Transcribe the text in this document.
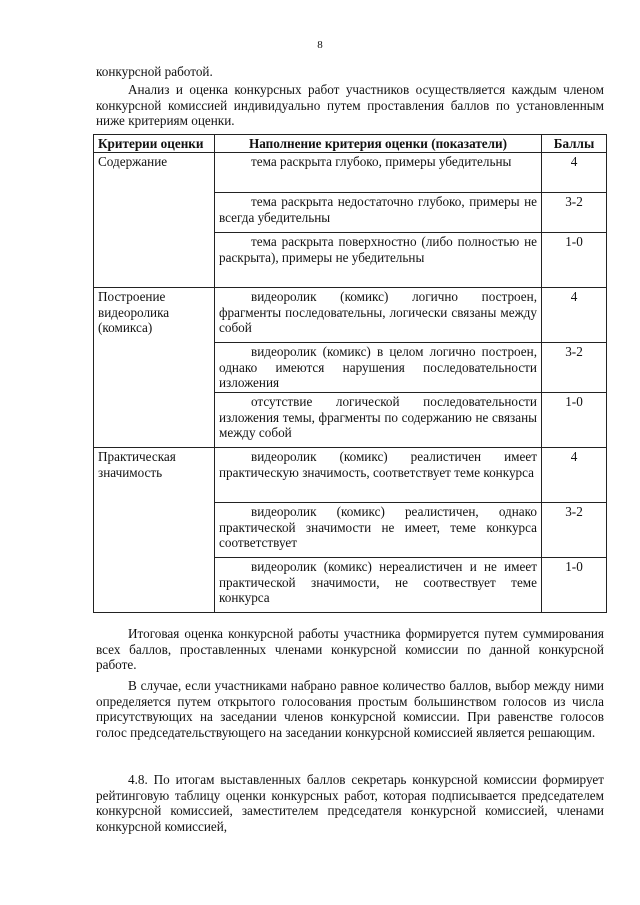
8

конкурсной работой.

Анализ и оценка конкурсных работ участников осуществляется каждым членом конкурсной комиссией индивидуально путем проставления баллов по установленным ниже критериям оценки.

Критерии оценки	Наполнение критерия оценки (показатели)	Баллы
Содержание	тема раскрыта глубоко, примеры убедительны	4
	тема раскрыта недостаточно глубоко, примеры не всегда убедительны	3-2
	тема раскрыта поверхностно (либо полностью не раскрыта), примеры не убедительны	1-0
Построение видеоролика (комикса)	видеоролик (комикс) логично построен, фрагменты последовательны, логически связаны между собой	4
	видеоролик (комикс) в целом логично построен, однако имеются нарушения последовательности изложения	3-2
	отсутствие логической последовательности изложения темы, фрагменты по содержанию не связаны между собой	1-0
Практическая значимость	видеоролик (комикс) реалистичен имеет практическую значимость, соответствует теме конкурса	4
	видеоролик (комикс) реалистичен, однако практической значимости не имеет, теме конкурса соответствует	3-2
	видеоролик (комикс) нереалистичен и не имеет практической значимости, не соотвествует теме конкурса	1-0

Итоговая оценка конкурсной работы участника формируется путем суммирования всех баллов, проставленных членами конкурсной комиссии по данной конкурсной работе.

В случае, если участниками набрано равное количество баллов, выбор между ними определяется путем открытого голосования простым большинством голосов из числа присутствующих на заседании членов конкурсной комиссии. При равенстве голосов голос председательствующего на заседании конкурсной комиссией является решающим.

4.8. По итогам выставленных баллов секретарь конкурсной комиссии формирует рейтинговую таблицу оценки конкурсных работ, которая подписывается председателем конкурсной комиссией, заместителем председателя конкурсной комиссией, членами конкурсной комиссией,
